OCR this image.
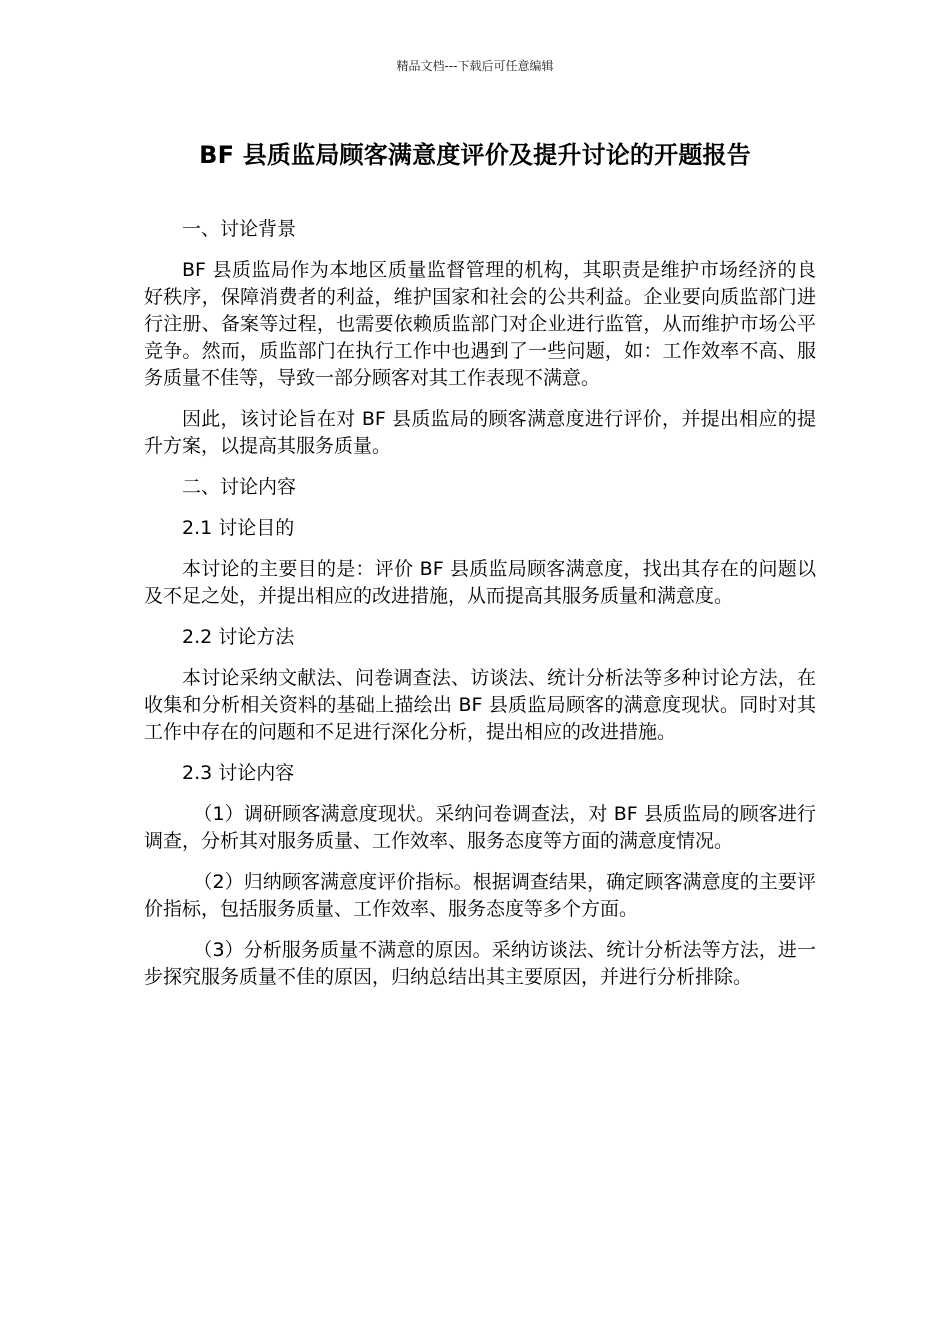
精品文档---下载后可任意编辑
BF 县质监局顾客满意度评价及提升讨论的开题报告

一、讨论背景

BF 县质监局作为本地区质量监督管理的机构，其职责是维护市场经济的良好秩序，保障消费者的利益，维护国家和社会的公共利益。企业要向质监部门进行注册、备案等过程，也需要依赖质监部门对企业进行监管，从而维护市场公平竞争。然而，质监部门在执行工作中也遇到了一些问题，如：工作效率不高、服务质量不佳等，导致一部分顾客对其工作表现不满意。

因此，该讨论旨在对 BF 县质监局的顾客满意度进行评价，并提出相应的提升方案，以提高其服务质量。

二、讨论内容

2.1 讨论目的

本讨论的主要目的是：评价 BF 县质监局顾客满意度，找出其存在的问题以及不足之处，并提出相应的改进措施，从而提高其服务质量和满意度。

2.2 讨论方法

本讨论采纳文献法、问卷调查法、访谈法、统计分析法等多种讨论方法，在收集和分析相关资料的基础上描绘出 BF 县质监局顾客的满意度现状。同时对其工作中存在的问题和不足进行深化分析，提出相应的改进措施。

2.3 讨论内容

（1）调研顾客满意度现状。采纳问卷调查法，对 BF 县质监局的顾客进行调查，分析其对服务质量、工作效率、服务态度等方面的满意度情况。

（2）归纳顾客满意度评价指标。根据调查结果，确定顾客满意度的主要评价指标，包括服务质量、工作效率、服务态度等多个方面。

（3）分析服务质量不满意的原因。采纳访谈法、统计分析法等方法，进一步探究服务质量不佳的原因，归纳总结出其主要原因，并进行分析排除。
